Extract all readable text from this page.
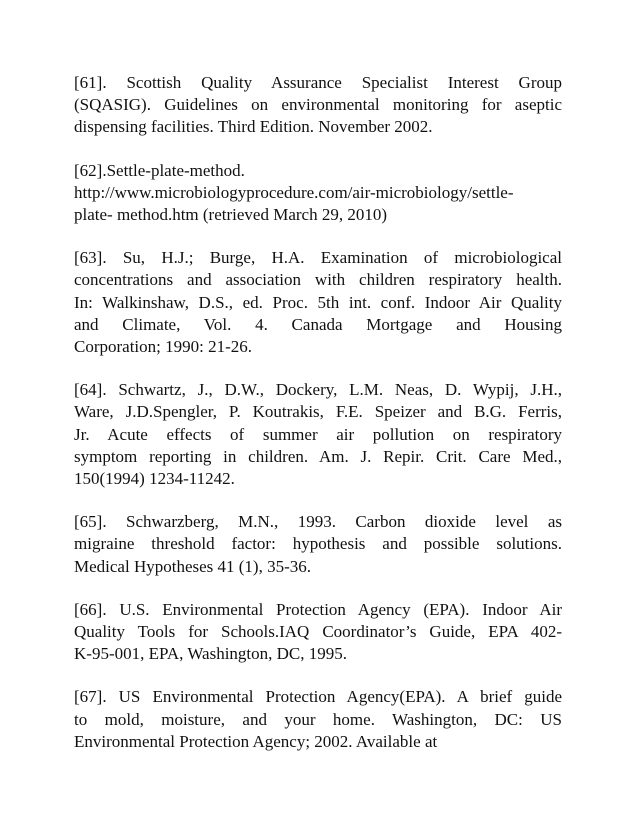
[61]. Scottish Quality Assurance Specialist Interest Group
(SQASIG). Guidelines on environmental monitoring for aseptic
dispensing facilities. Third Edition. November 2002.
[62].Settle-plate-method.
http://www.microbiologyprocedure.com/air-microbiology/settle-
plate- method.htm (retrieved March 29, 2010)
[63]. Su, H.J.; Burge, H.A. Examination of microbiological
concentrations and association with children respiratory health.
In: Walkinshaw, D.S., ed. Proc. 5th int. conf. Indoor Air Quality
and Climate, Vol. 4. Canada Mortgage and Housing
Corporation; 1990: 21-26.
[64]. Schwartz, J., D.W., Dockery, L.M. Neas, D. Wypij, J.H.,
Ware, J.D.Spengler, P. Koutrakis, F.E. Speizer and B.G. Ferris,
Jr. Acute effects of summer air pollution on respiratory
symptom reporting in children. Am. J. Repir. Crit. Care Med.,
150(1994) 1234-11242.
[65]. Schwarzberg, M.N., 1993. Carbon dioxide level as
migraine threshold factor: hypothesis and possible solutions.
Medical Hypotheses 41 (1), 35-36.
[66]. U.S. Environmental Protection Agency (EPA). Indoor Air
Quality Tools for Schools.IAQ Coordinator’s Guide, EPA 402-
K-95-001, EPA, Washington, DC, 1995.
[67]. US Environmental Protection Agency(EPA). A brief guide
to mold, moisture, and your home. Washington, DC: US
Environmental Protection Agency; 2002. Available at
